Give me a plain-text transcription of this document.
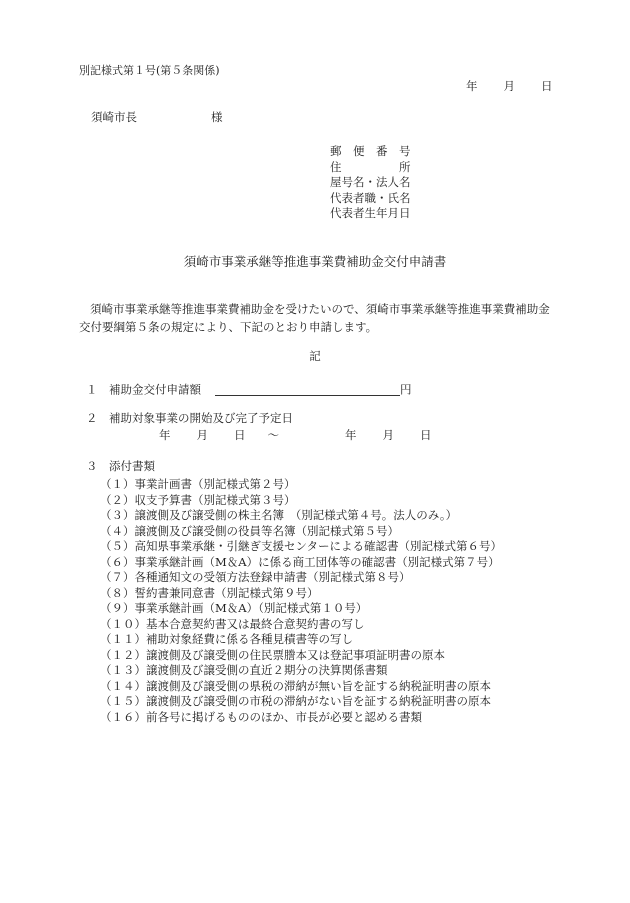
別記様式第１号(第５条関係)
年 月 日
須崎市長	様
郵　便　番　号
住　　　　　所
屋号名・法人名
代表者職・氏名
代表者生年月日
須崎市事業承継等推進事業費補助金交付申請書
須崎市事業承継等推進事業費補助金を受けたいので、須崎市事業承継等推進事業費補助金交付要綱第５条の規定により、下記のとおり申請します。
記
１　補助金交付申請額	円
２　補助対象事業の開始及び完了予定日
年 月 日 ～	年 月 日
３　添付書類
（１）事業計画書（別記様式第２号）
（２）収支予算書（別記様式第３号）
（３）譲渡側及び譲受側の株主名簿　（別記様式第４号。法人のみ。）
（４）譲渡側及び譲受側の役員等名簿（別記様式第５号）
（５）高知県事業承継・引継ぎ支援センターによる確認書（別記様式第６号）
（６）事業承継計画（M＆A）に係る商工団体等の確認書（別記様式第７号）
（７）各種通知文の受領方法登録申請書（別記様式第８号）
（８）誓約書兼同意書（別記様式第９号）
（９）事業承継計画（M＆A）（別記様式第１０号）
（１０）基本合意契約書又は最終合意契約書の写し
（１１）補助対象経費に係る各種見積書等の写し
（１２）譲渡側及び譲受側の住民票謄本又は登記事項証明書の原本
（１３）譲渡側及び譲受側の直近２期分の決算関係書類
（１４）譲渡側及び譲受側の県税の滞納が無い旨を証する納税証明書の原本
（１５）譲渡側及び譲受側の市税の滞納がない旨を証する納税証明書の原本
（１６）前各号に掲げるもののほか、市長が必要と認める書類
